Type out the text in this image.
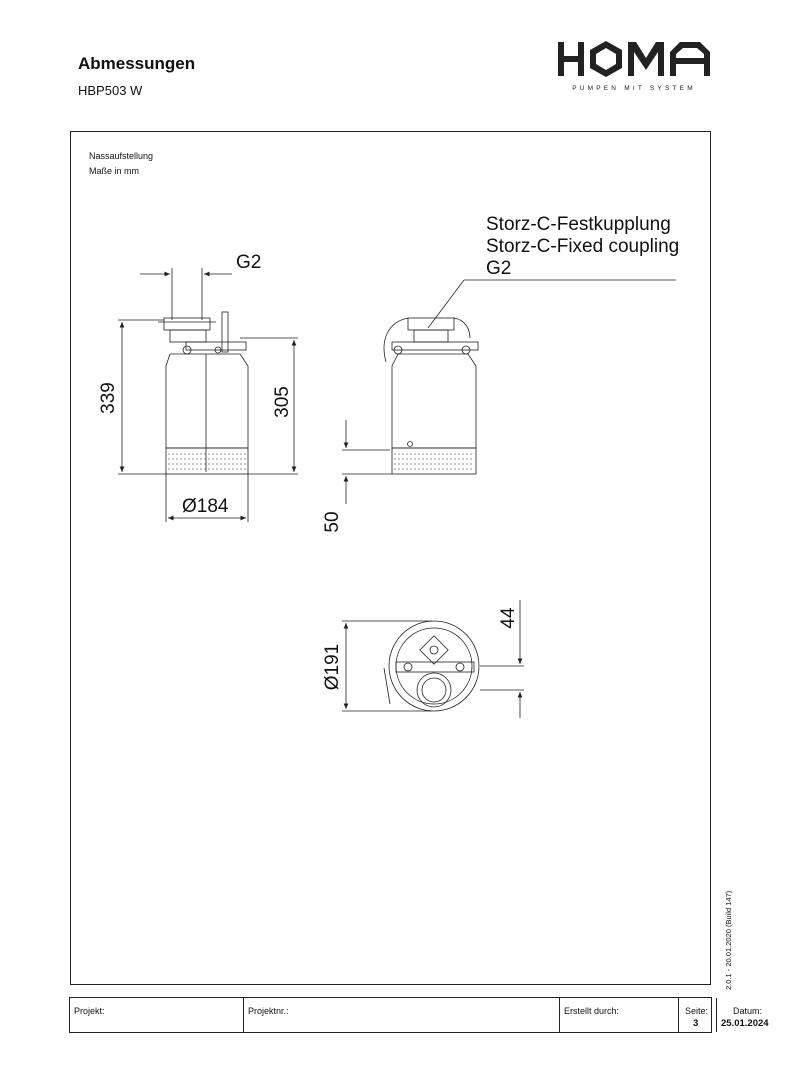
Abmessungen
HBP503 W	PUMPEN MIT SYSTEM
Nassaufstellung
Maße in mm
G2
339	305
Ø184
50
Ø191
44
Storz-C-Festkupplung
Storz-C-Fixed coupling
G2
2.0.1 - 20.01.2020 (Build 147)
Projekt:	Projektnr.:	Erstellt durch:	Seite:
3
Datum:
25.01.2024
